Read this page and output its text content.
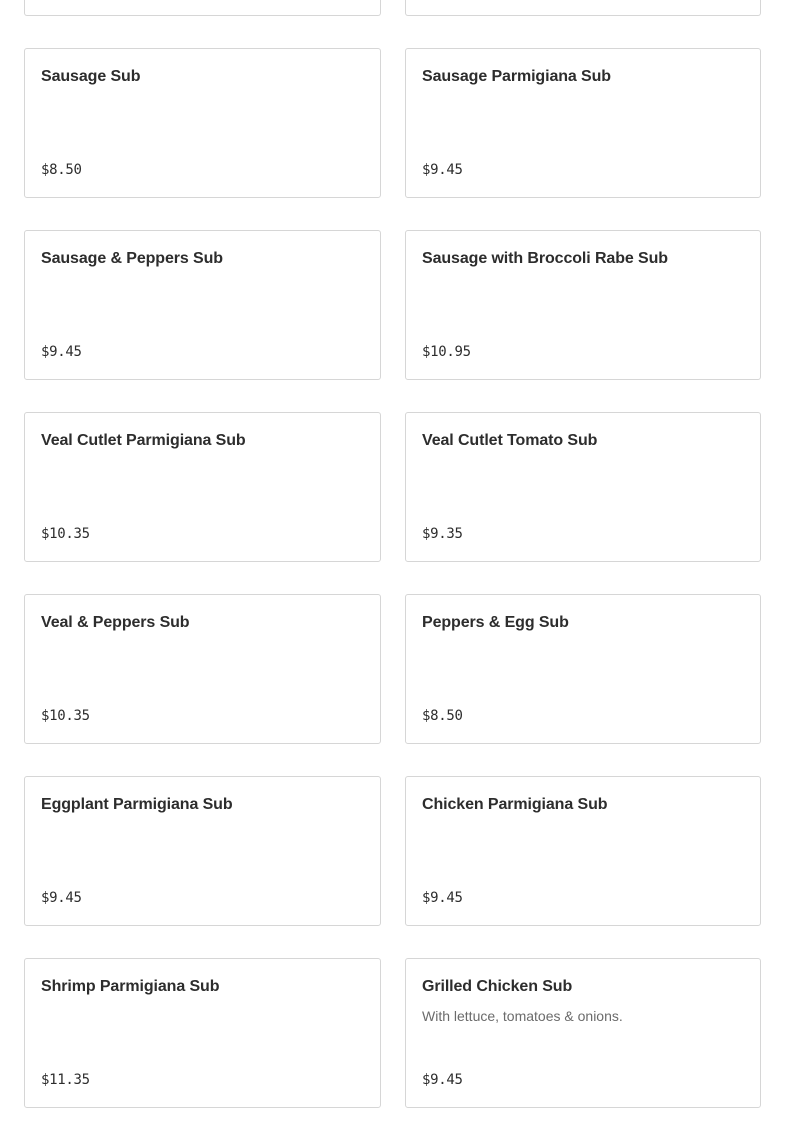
Sausage Sub
$8.50
Sausage Parmigiana Sub
$9.45
Sausage & Peppers Sub
$9.45
Sausage with Broccoli Rabe Sub
$10.95
Veal Cutlet Parmigiana Sub
$10.35
Veal Cutlet Tomato Sub
$9.35
Veal & Peppers Sub
$10.35
Peppers & Egg Sub
$8.50
Eggplant Parmigiana Sub
$9.45
Chicken Parmigiana Sub
$9.45
Shrimp Parmigiana Sub
$11.35
Grilled Chicken Sub
With lettuce, tomatoes & onions.
$9.45
